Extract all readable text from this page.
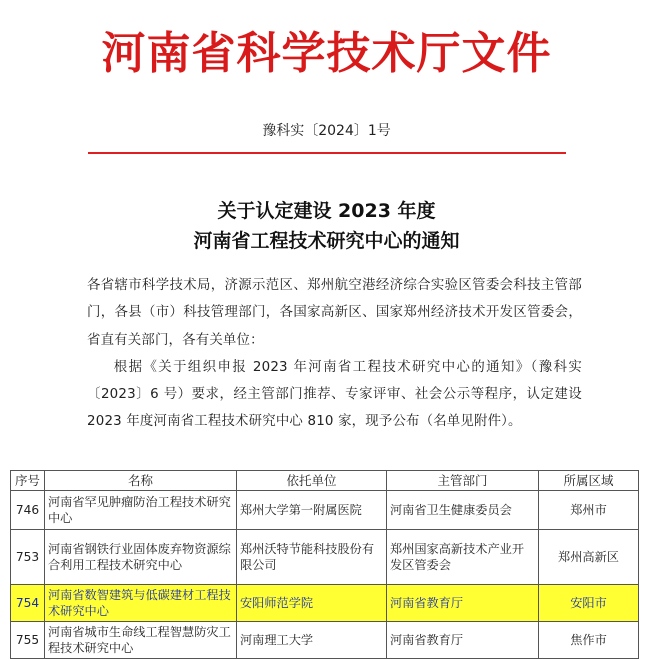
河南省科学技术厅文件
豫科实〔2024〕1号
关于认定建设 2023 年度
河南省工程技术研究中心的通知

各省辖市科学技术局，济源示范区、郑州航空港经济综合实验区管委会科技主管部门，各县（市）科技管理部门，各国家高新区、国家郑州经济技术开发区管委会，省直有关部门，各有关单位：

根据《关于组织申报 2023 年河南省工程技术研究中心的通知》（豫科实〔2023〕6 号）要求，经主管部门推荐、专家评审、社会公示等程序，认定建设 2023 年度河南省工程技术研究中心 810 家，现予公布（名单见附件）。

序号	名称	依托单位	主管部门	所属区域
746	河南省罕见肿瘤防治工程技术研究中心	郑州大学第一附属医院	河南省卫生健康委员会	郑州市
753	河南省钢铁行业固体废弃物资源综合利用工程技术研究中心	郑州沃特节能科技股份有限公司	郑州国家高新技术产业开发区管委会	郑州高新区
754	河南省数智建筑与低碳建材工程技术研究中心	安阳师范学院	河南省教育厅	安阳市
755	河南省城市生命线工程智慧防灾工程技术研究中心	河南理工大学	河南省教育厅	焦作市
